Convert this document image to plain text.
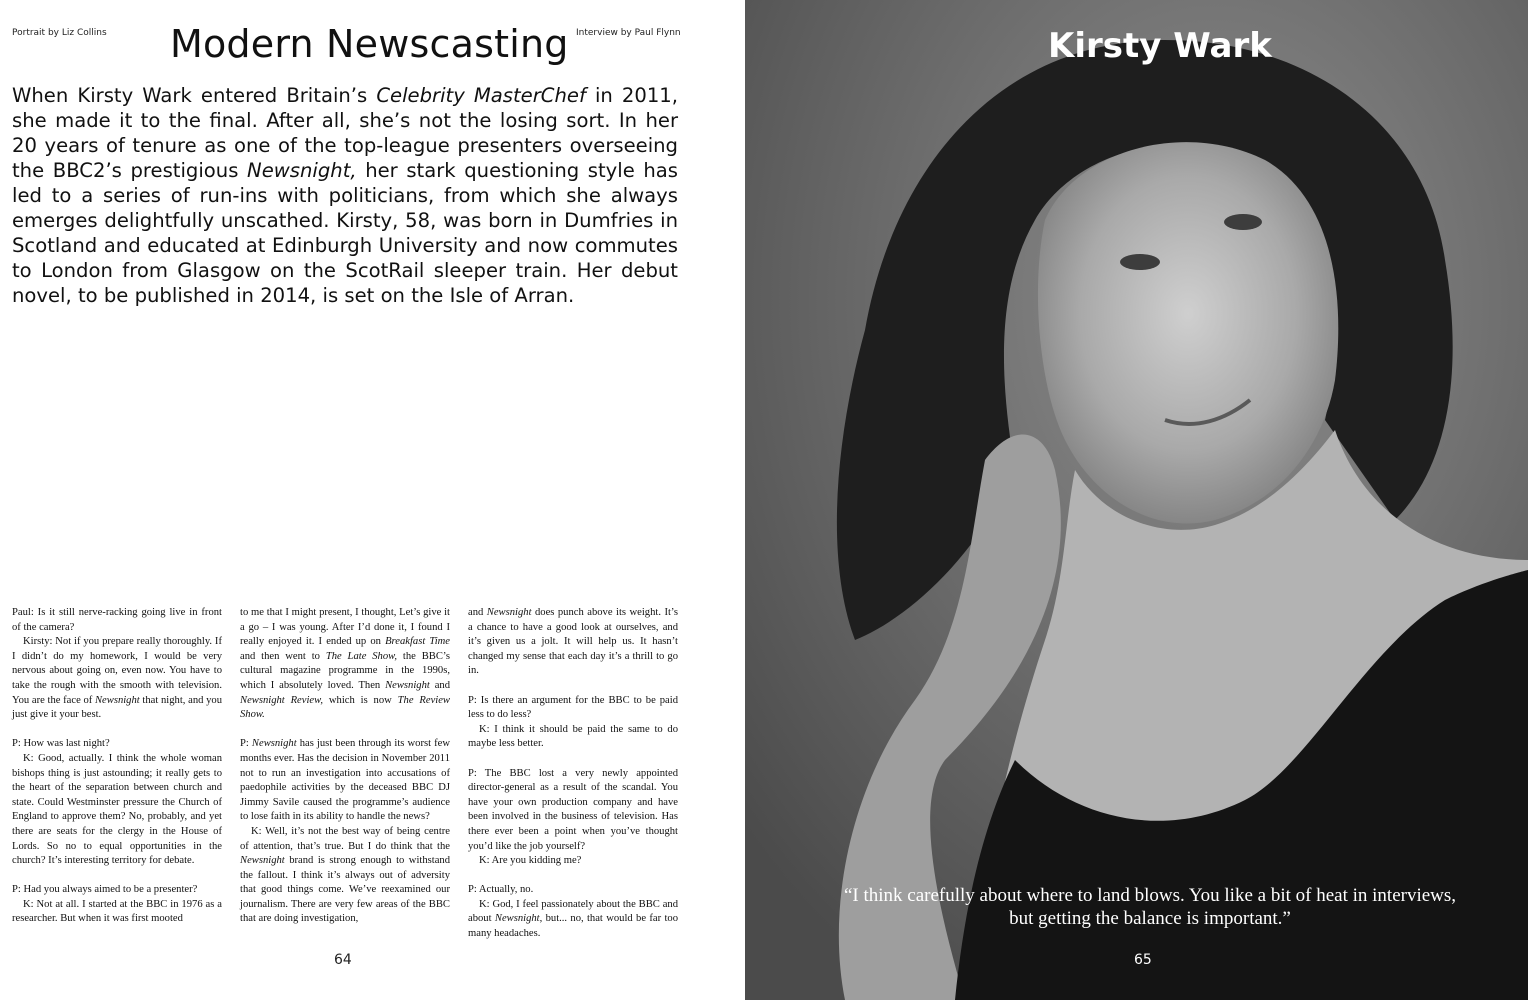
Portrait by Liz Collins Modern Newscasting Interview by Paul Flynn

When Kirsty Wark entered Britain’s Celebrity MasterChef in 2011, she made it to the final. After all, she’s not the losing sort. In her 20 years of tenure as one of the top-league presenters overseeing the BBC2’s prestigious Newsnight, her stark questioning style has led to a series of run-ins with politicians, from which she always emerges delightfully unscathed. Kirsty, 58, was born in Dumfries in Scotland and educated at Edinburgh University and now commutes to London from Glasgow on the ScotRail sleeper train. Her debut novel, to be published in 2014, is set on the Isle of Arran.

Paul: Is it still nerve-racking going live in front of the camera?

Kirsty: Not if you prepare really thoroughly. If I didn’t do my homework, I would be very nervous about going on, even now. You have to take the rough with the smooth with television. You are the face of Newsnight that night, and you just give it your best.

P: How was last night?

K: Good, actually. I think the whole woman bishops thing is just astounding; it really gets to the heart of the separation between church and state. Could Westminster pressure the Church of England to approve them? No, probably, and yet there are seats for the clergy in the House of Lords. So no to equal opportunities in the church? It’s interesting territory for debate.

P: Had you always aimed to be a presenter?

K: Not at all. I started at the BBC in 1976 as a researcher. But when it was first mooted

to me that I might present, I thought, Let’s give it a go – I was young. After I’d done it, I found I really enjoyed it. I ended up on Breakfast Time and then went to The Late Show, the BBC’s cultural magazine programme in the 1990s, which I absolutely loved. Then Newsnight and Newsnight Review, which is now The Review Show.

P: Newsnight has just been through its worst few months ever. Has the decision in November 2011 not to run an investigation into accusations of paedophile activities by the deceased BBC DJ Jimmy Savile caused the programme’s audience to lose faith in its ability to handle the news?

K: Well, it’s not the best way of being centre of attention, that’s true. But I do think that the Newsnight brand is strong enough to withstand the fallout. I think it’s always out of adversity that good things come. We’ve reexamined our journalism. There are very few areas of the BBC that are doing investigation,

and Newsnight does punch above its weight. It’s a chance to have a good look at ourselves, and it’s given us a jolt. It will help us. It hasn’t changed my sense that each day it’s a thrill to go in.

P: Is there an argument for the BBC to be paid less to do less?

K: I think it should be paid the same to do maybe less better.

P: The BBC lost a very newly appointed director-general as a result of the scandal. You have your own production company and have been involved in the business of television. Has there ever been a point when you’ve thought you’d like the job yourself?

K: Are you kidding me?

P: Actually, no.

K: God, I feel passionately about the BBC and about Newsnight, but... no, that would be far too many headaches.

64
Kirsty Wark

“I think carefully about where to land blows. You like a bit of heat in interviews, but getting the balance is important.”

65
